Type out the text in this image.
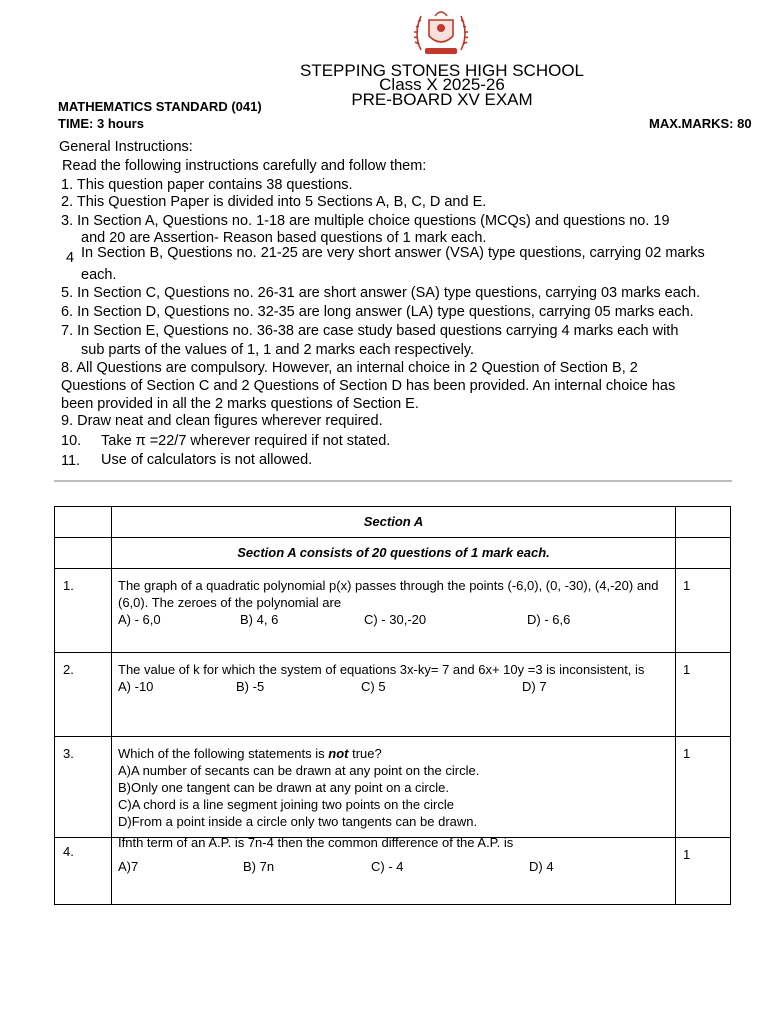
STEPPING STONES HIGH SCHOOL
Class X 2025-26
PRE-BOARD XV EXAM
MATHEMATICS STANDARD (041)
TIME: 3 hours	MAX.MARKS: 80
General Instructions:
Read the following instructions carefully and follow them:
1. This question paper contains 38 questions.
2. This Question Paper is divided into 5 Sections A, B, C, D and E.
3. In Section A, Questions no. 1-18 are multiple choice questions (MCQs) and questions no. 19
and 20 are Assertion- Reason based questions of 1 mark each.
4 In Section B, Questions no. 21-25 are very short answer (VSA) type questions, carrying 02 marks
each.
5. In Section C, Questions no. 26-31 are short answer (SA) type questions, carrying 03 marks each.
6. In Section D, Questions no. 32-35 are long answer (LA) type questions, carrying 05 marks each.
7. In Section E, Questions no. 36-38 are case study based questions carrying 4 marks each with
sub parts of the values of 1, 1 and 2 marks each respectively.
8. All Questions are compulsory. However, an internal choice in 2 Question of Section B, 2
Questions of Section C and 2 Questions of Section D has been provided. An internal choice has
been provided in all the 2 marks questions of Section E.
9. Draw neat and clean figures wherever required.
10. Take π =22/7 wherever required if not stated.
11. Use of calculators is not allowed.
	Section A	
	Section A consists of 20 questions of 1 mark each.	
1.	The graph of a quadratic polynomial p(x) passes through the points (-6,0), (0, -30), (4,-20) and (6,0). The zeroes of the polynomial are
A) - 6,0 B) 4, 6 C) - 30,-20 D) - 6,6	1
2.	The value of k for which the system of equations 3x-ky= 7 and 6x+ 10y =3 is inconsistent, is
A) -10 B) -5 C) 5 D) 7	1
3.	Which of the following statements is not true?
A)A number of secants can be drawn at any point on the circle.
B)Only one tangent can be drawn at any point on a circle.
C)A chord is a line segment joining two points on the circle
D)From a point inside a circle only two tangents can be drawn.	1
4.	Ifnth term of an A.P. is 7n-4 then the common difference of the A.P. is
A)7 B) 7n C) - 4 D) 4	1
